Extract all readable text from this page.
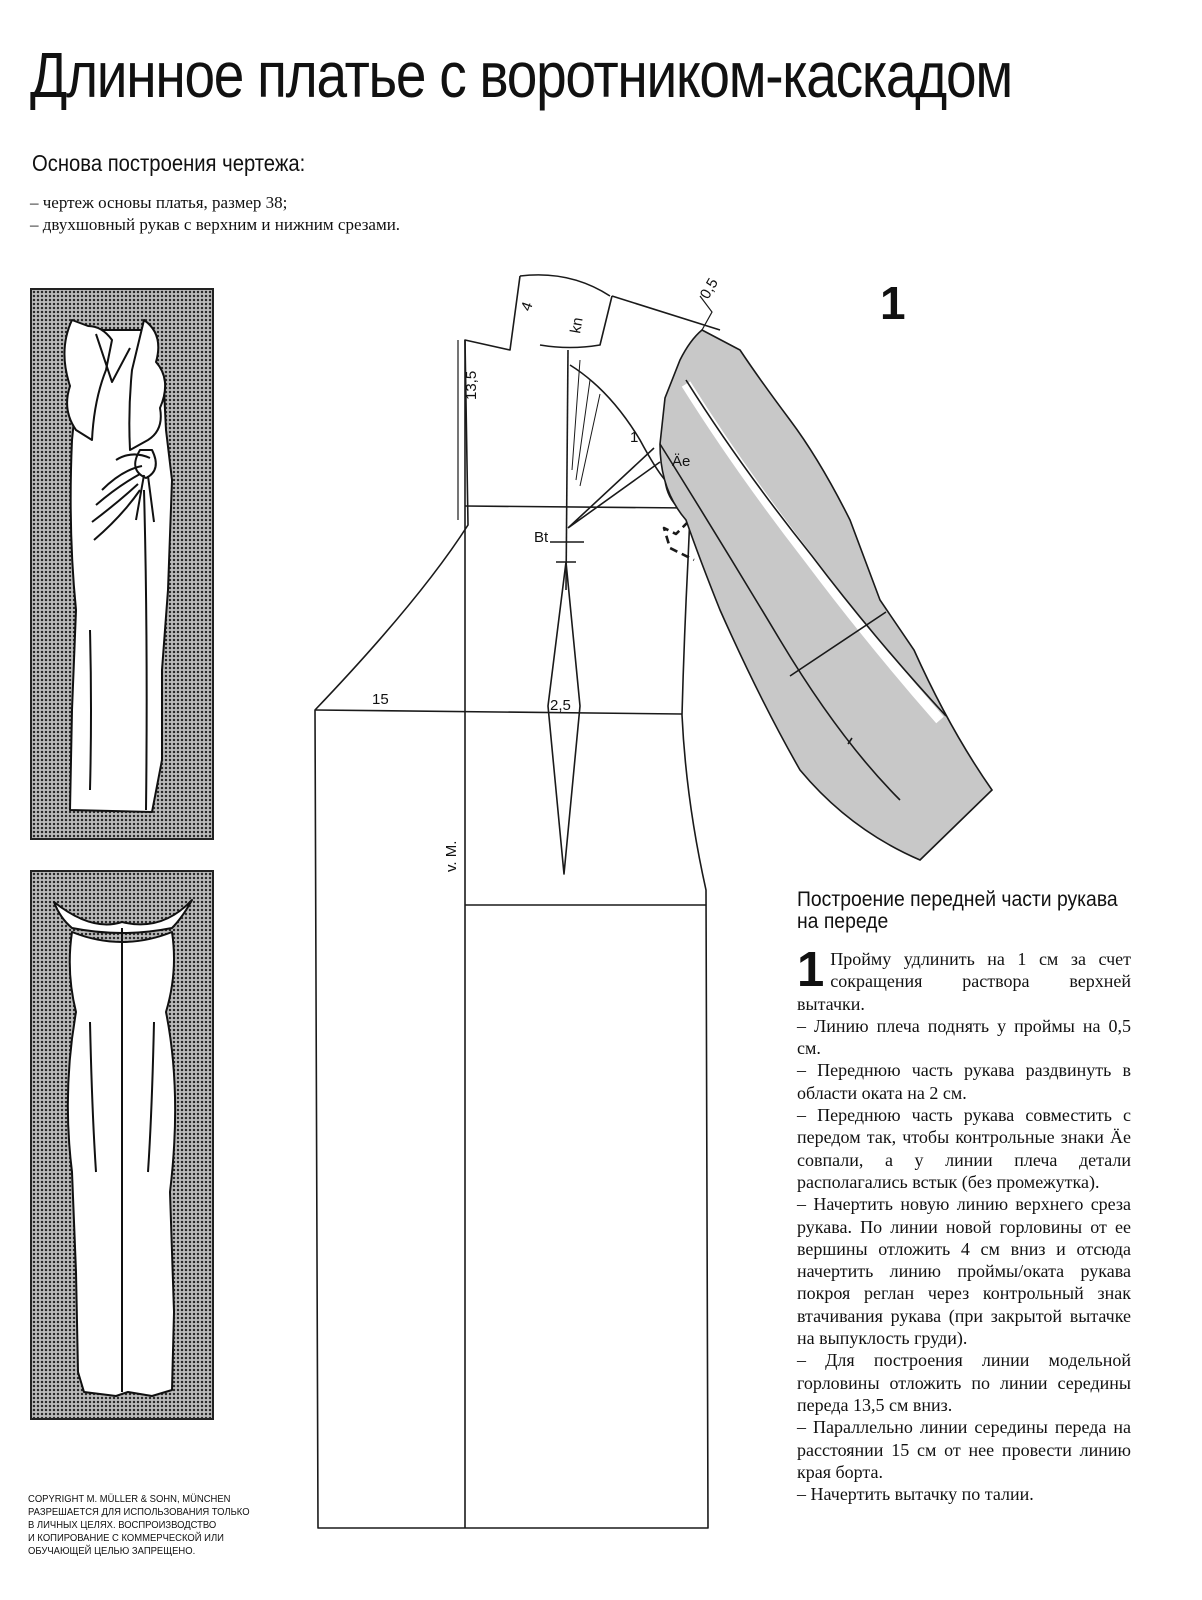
Длинное платье с воротником-каскадом
Основа построения чертежа:
– чертеж основы платья, размер 38;
– двухшовный рукав с верхним и нижним срезами.
13,5
4
kn
0,5
1
Äe
Bt
15	2,5
v. M.
1
Построение передней части рукава на переде
1 Пройму удлинить на 1 см за счет сокращения раствора верхней вытачки.

– Линию плеча поднять у проймы на 0,5 см.

– Переднюю часть рукава раздвинуть в области оката на 2 см.

– Переднюю часть рукава совместить с передом так, чтобы контрольные знаки Äe совпали, а у линии плеча детали располагались встык (без промежутка).

– Начертить новую линию верхнего среза рукава. По линии новой горловины от ее вершины отложить 4 см вниз и отсюда начертить линию проймы/оката рукава покроя реглан через контрольный знак втачивания рукава (при закрытой вытачке на выпуклость груди).

– Для построения линии модельной горловины отложить по линии середины переда 13,5 см вниз.

– Параллельно линии середины переда на расстоянии 15 см от нее провести линию края борта.

– Начертить вытачку по талии.

COPYRIGHT M. MÜLLER & SOHN, MÜNCHEN
РАЗРЕШАЕТСЯ ДЛЯ ИСПОЛЬЗОВАНИЯ ТОЛЬКО
В ЛИЧНЫХ ЦЕЛЯХ. ВОСПРОИЗВОДСТВО
И КОПИРОВАНИЕ С КОММЕРЧЕСКОЙ ИЛИ
ОБУЧАЮЩЕЙ ЦЕЛЬЮ ЗАПРЕЩЕНО.
